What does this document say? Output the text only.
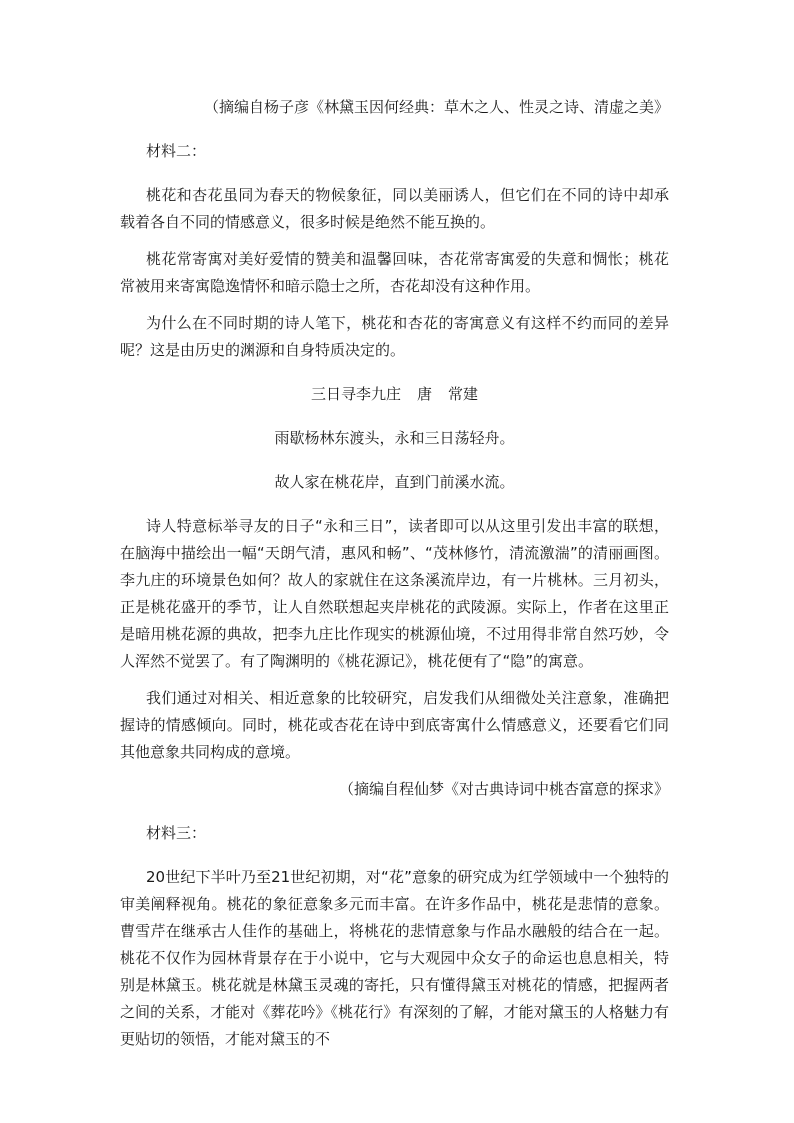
（摘编自杨子彦《林黛玉因何经典：草木之人、性灵之诗、清虚之美》

材料二：

桃花和杏花虽同为春天的物候象征，同以美丽诱人，但它们在不同的诗中却承载着各自不同的情感意义，很多时候是绝然不能互换的。

桃花常寄寓对美好爱情的赞美和温馨回味，杏花常寄寓爱的失意和惆怅；桃花常被用来寄寓隐逸情怀和暗示隐士之所，杏花却没有这种作用。

为什么在不同时期的诗人笔下，桃花和杏花的寄寓意义有这样不约而同的差异呢？这是由历史的渊源和自身特质决定的。

三日寻李九庄 唐 常建

雨歇杨林东渡头，永和三日荡轻舟。

故人家在桃花岸，直到门前溪水流。

诗人特意标举寻友的日子“永和三日”，读者即可以从这里引发出丰富的联想，在脑海中描绘出一幅“天朗气清，惠风和畅”、“茂林修竹，清流激湍”的清丽画图。李九庄的环境景色如何？故人的家就住在这条溪流岸边，有一片桃林。三月初头，正是桃花盛开的季节，让人自然联想起夹岸桃花的武陵源。实际上，作者在这里正是暗用桃花源的典故，把李九庄比作现实的桃源仙境，不过用得非常自然巧妙，令人浑然不觉罢了。有了陶渊明的《桃花源记》，桃花便有了“隐”的寓意。

我们通过对相关、相近意象的比较研究，启发我们从细微处关注意象，准确把握诗的情感倾向。同时，桃花或杏花在诗中到底寄寓什么情感意义，还要看它们同其他意象共同构成的意境。

（摘编自程仙梦《对古典诗词中桃杏富意的探求》

材料三：

20世纪下半叶乃至21世纪初期，对“花”意象的研究成为红学领域中一个独特的审美阐释视角。桃花的象征意象多元而丰富。在许多作品中，桃花是悲情的意象。曹雪芹在继承古人佳作的基础上，将桃花的悲情意象与作品水融般的结合在一起。桃花不仅作为园林背景存在于小说中，它与大观园中众女子的命运也息息相关，特别是林黛玉。桃花就是林黛玉灵魂的寄托，只有懂得黛玉对桃花的情感，把握两者之间的关系，才能对《葬花吟》《桃花行》有深刻的了解，才能对黛玉的人格魅力有更贴切的领悟，才能对黛玉的不
